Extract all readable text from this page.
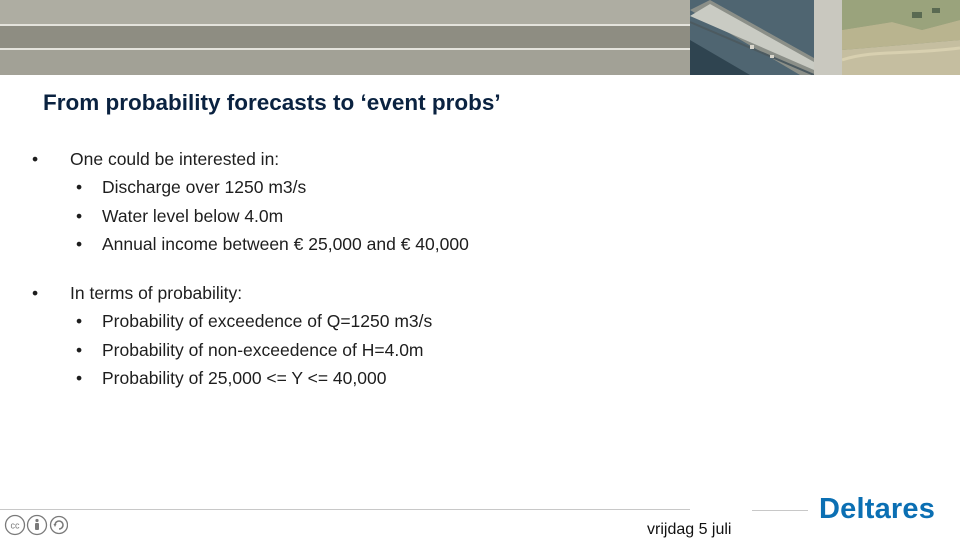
From probability forecasts to ‘event probs’
•	One could be interested in:
•	Discharge over 1250 m3/s
•	Water level below 4.0m
•	Annual income between € 25,000 and € 40,000
•	In terms of probability:
•	Probability of exceedence of Q=1250 m3/s
•	Probability of non-exceedence of H=4.0m
•	Probability of 25,000 <= Y <= 40,000
cc	vrijdag 5 juli
Deltares
